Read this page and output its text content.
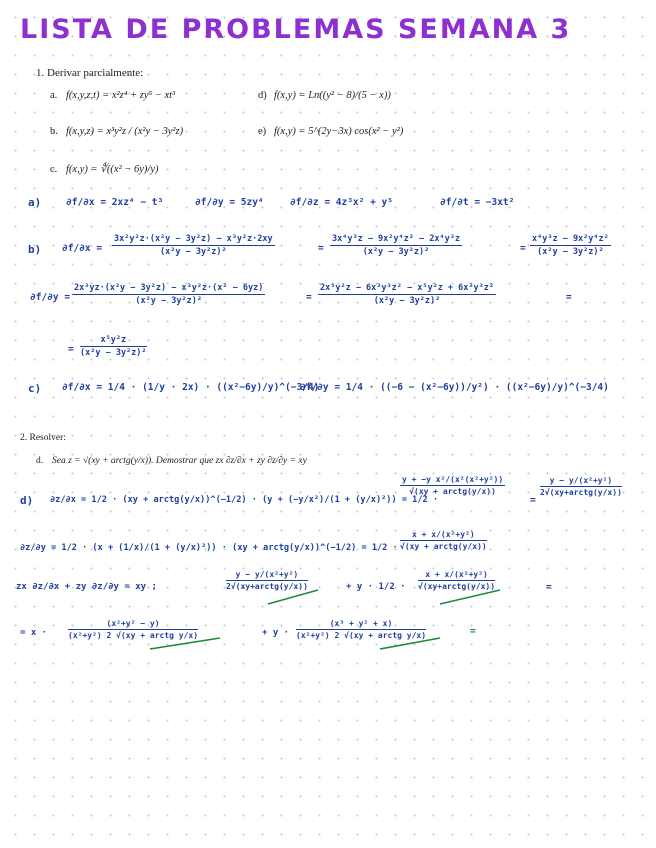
LISTA DE PROBLEMAS SEMANA 3
1. Derivar parcialmente:
a. f(x,y,z,t) = x²z⁴ + zy⁵ − xt³	d) f(x,y) = Ln((y² − 8)/(5 − x))
b. f(x,y,z) = x³y²z / (x²y − 3y²z)	e) f(x,y) = 5^(2y−3x) cos(x² − y²)
c. f(x,y) = ∜((x² − 6y)/y)
a)	∂f/∂x = 2xz⁴ − t³	∂f/∂y = 5zy⁴	∂f/∂z = 4z³x² + y⁵	∂f/∂t = −3xt²
b) $\partial f/\partial x = \frac{\text{3x²y²z·(x²y − 3y²z) − x³y²z·2xy}}{\text{(x²y − 3y²z)²}}$	= $\frac{\text{3x⁴y³z − 9x²y⁴z² − 2x⁴y³z}}{\text{(x²y − 3y²z)²}}$	= $\frac{\text{x⁴y³z − 9x²y⁴z²}}{\text{(x²y − 3y²z)²}}$
$\partial f/\partial y = \frac{\text{2x³yz·(x²y − 3y²z) − x³y²z·(x² − 6yz)}}{\text{(x²y − 3y²z)²}}$	= $\frac{\text{2x⁵y²z − 6x³y³z² − x⁵y²z + 6x³y³z²}}{\text{(x²y − 3y²z)²}}$	=
= $\frac{\text{x⁵y²z}}{\text{(x²y − 3y²z)²}}$
c) ∂f/∂x = 1/4 · (1/y · 2x) · ((x²−6y)/y)^(−3/4)
∂f/∂y = 1/4 · ((−6 − (x²−6y))/y²) · ((x²−6y)/y)^(−3/4)
2. Resolver:
d. Sea z = √(xy + arctg(y/x)). Demostrar que zx ∂z/∂x + zy ∂z/∂y = xy
d) ∂z/∂x = 1/2 · (xy + arctg(y/x))^(−1/2) · (y + (−y/x²)/(1 + (y/x)²)) = 1/2 ·
y + −y x²/(x²(x²+y²))
√(xy + arctg(y/x))
=
y − y/(x²+y²)
2√(xy+arctg(y/x))
∂z/∂y = 1/2 · (x + (1/x)/(1 + (y/x)²)) · (xy + arctg(y/x))^(−1/2) = 1/2 ·
x + x/(x²+y²)
√(xy + arctg(y/x))
zx ∂z/∂x + zy ∂z/∂y = xy ;
y − y/(x²+y²)
2√(xy+arctg(y/x))	+ y · 1/2 ·
x + x/(x²+y²)
√(xy+arctg(y/x))	=
= x ·
(x²+y² − y)
(x²+y²) 2 √(xy + arctg y/x)	+ y ·
(x³ + y² + x)
(x²+y²) 2 √(xy + arctg y/x)	=
